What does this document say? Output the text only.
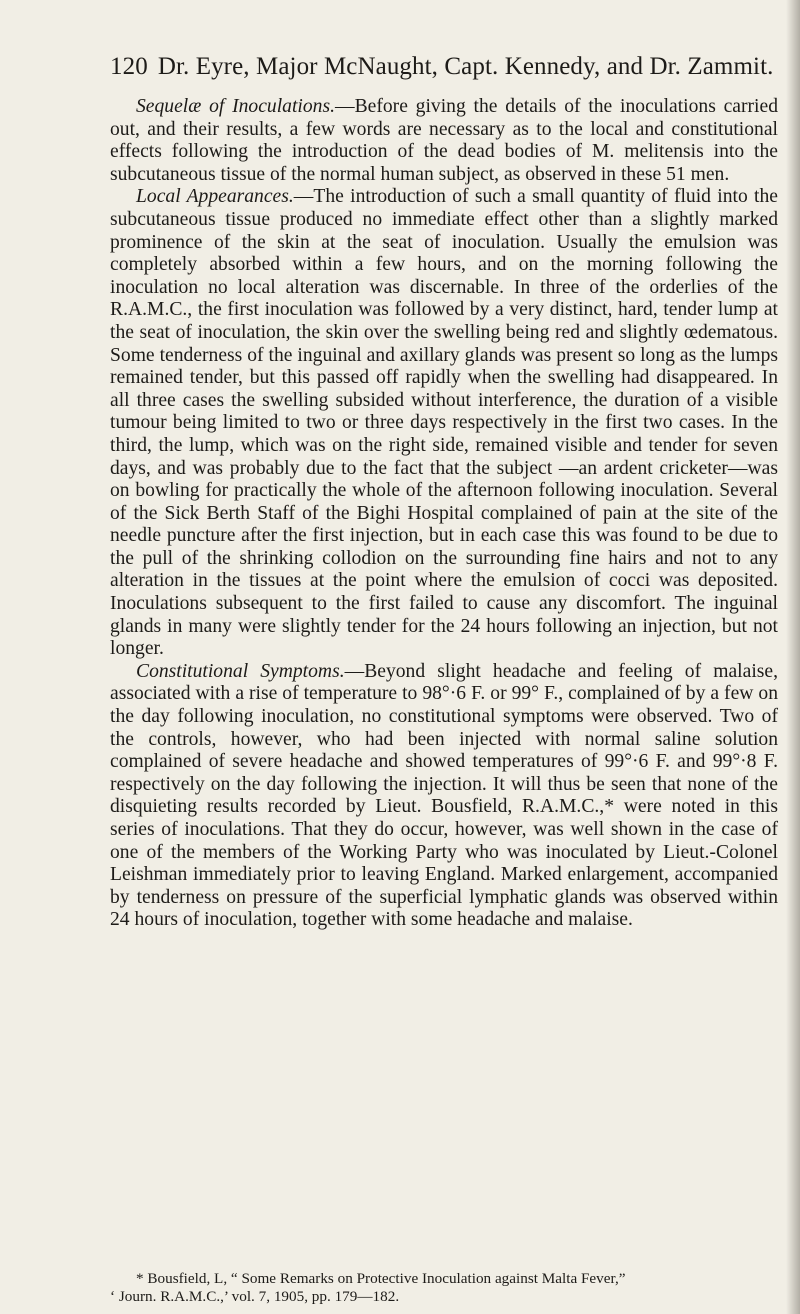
120 Dr. Eyre, Major McNaught, Capt. Kennedy, and Dr. Zammit.

Sequelæ of Inoculations.—Before giving the details of the inoculations carried out, and their results, a few words are necessary as to the local and constitutional effects following the introduction of the dead bodies of M. melitensis into the subcutaneous tissue of the normal human subject, as observed in these 51 men.

Local Appearances.—The introduction of such a small quantity of fluid into the subcutaneous tissue produced no immediate effect other than a slightly marked prominence of the skin at the seat of inoculation. Usually the emulsion was completely absorbed within a few hours, and on the morning following the inoculation no local alteration was discernable. In three of the orderlies of the R.A.M.C., the first inoculation was followed by a very distinct, hard, tender lump at the seat of inoculation, the skin over the swelling being red and slightly œdematous. Some tenderness of the inguinal and axillary glands was present so long as the lumps remained tender, but this passed off rapidly when the swelling had disappeared. In all three cases the swelling subsided without interference, the duration of a visible tumour being limited to two or three days respectively in the first two cases. In the third, the lump, which was on the right side, remained visible and tender for seven days, and was probably due to the fact that the subject —an ardent cricketer—was on bowling for practically the whole of the afternoon following inoculation. Several of the Sick Berth Staff of the Bighi Hospital complained of pain at the site of the needle puncture after the first injection, but in each case this was found to be due to the pull of the shrinking collodion on the surrounding fine hairs and not to any alteration in the tissues at the point where the emulsion of cocci was deposited. Inoculations subsequent to the first failed to cause any discomfort. The inguinal glands in many were slightly tender for the 24 hours following an injection, but not longer.

Constitutional Symptoms.—Beyond slight headache and feeling of malaise, associated with a rise of temperature to 98°·6 F. or 99° F., complained of by a few on the day following inoculation, no constitutional symptoms were observed. Two of the controls, however, who had been injected with normal saline solution complained of severe headache and showed temperatures of 99°·6 F. and 99°·8 F. respectively on the day following the injection. It will thus be seen that none of the disquieting results recorded by Lieut. Bousfield, R.A.M.C.,* were noted in this series of inoculations. That they do occur, however, was well shown in the case of one of the members of the Working Party who was inoculated by Lieut.-Colonel Leishman immediately prior to leaving England. Marked enlargement, accompanied by tenderness on pressure of the superficial lymphatic glands was observed within 24 hours of inoculation, together with some headache and malaise.

* Bousfield, L, “ Some Remarks on Protective Inoculation against Malta Fever,”

‘ Journ. R.A.M.C.,’ vol. 7, 1905, pp. 179—182.
